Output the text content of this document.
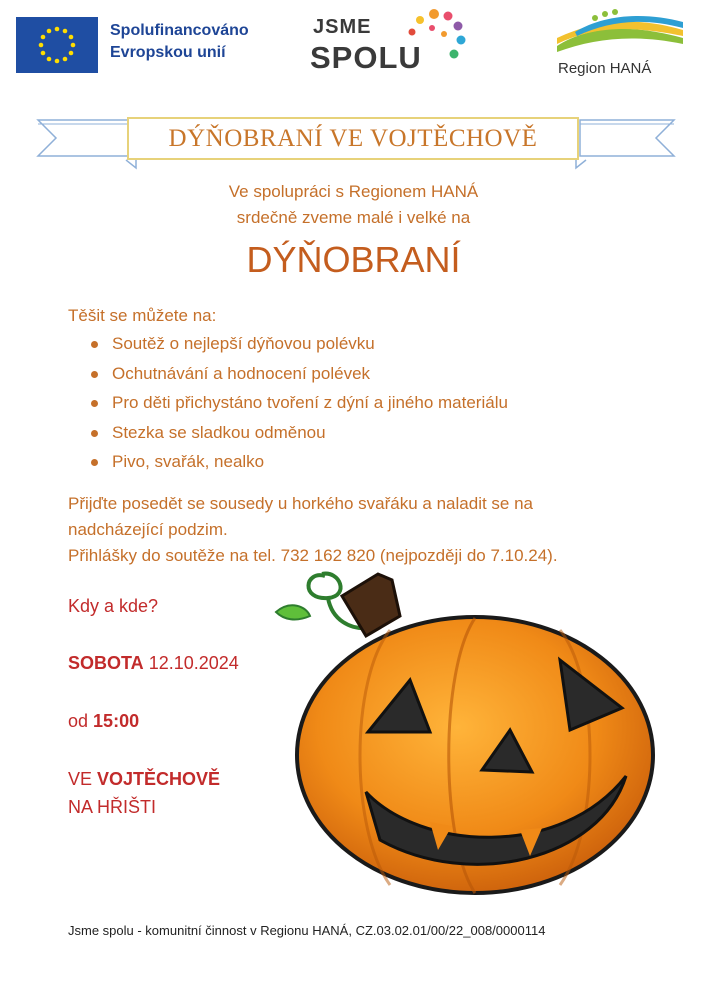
Spolufinancováno
Evropskou unií
JSME
SPOLU	Region HANÁ
DÝŇOBRANÍ VE VOJTĚCHOVĚ
Ve spolupráci s Regionem HANÁ
srdečně zveme malé i velké na
DÝŇOBRANÍ
Těšit se můžete na:
Soutěž o nejlepší dýňovou polévku
Ochutnávání a hodnocení polévek
Pro děti přichystáno tvoření z dýní a jiného materiálu
Stezka se sladkou odměnou
Pivo, svařák, nealko
Přijďte posedět se sousedy u horkého svařáku a naladit se na
nadcházející podzim.
Přihlášky do soutěže na tel. 732 162 820 (nejpozději do 7.10.24).
Kdy a kde?
SOBOTA 12.10.2024
od 15:00
VE VOJTĚCHOVĚ
NA HŘIŠTI
Jsme spolu - komunitní činnost v Regionu HANÁ, CZ.03.02.01/00/22_008/0000114
